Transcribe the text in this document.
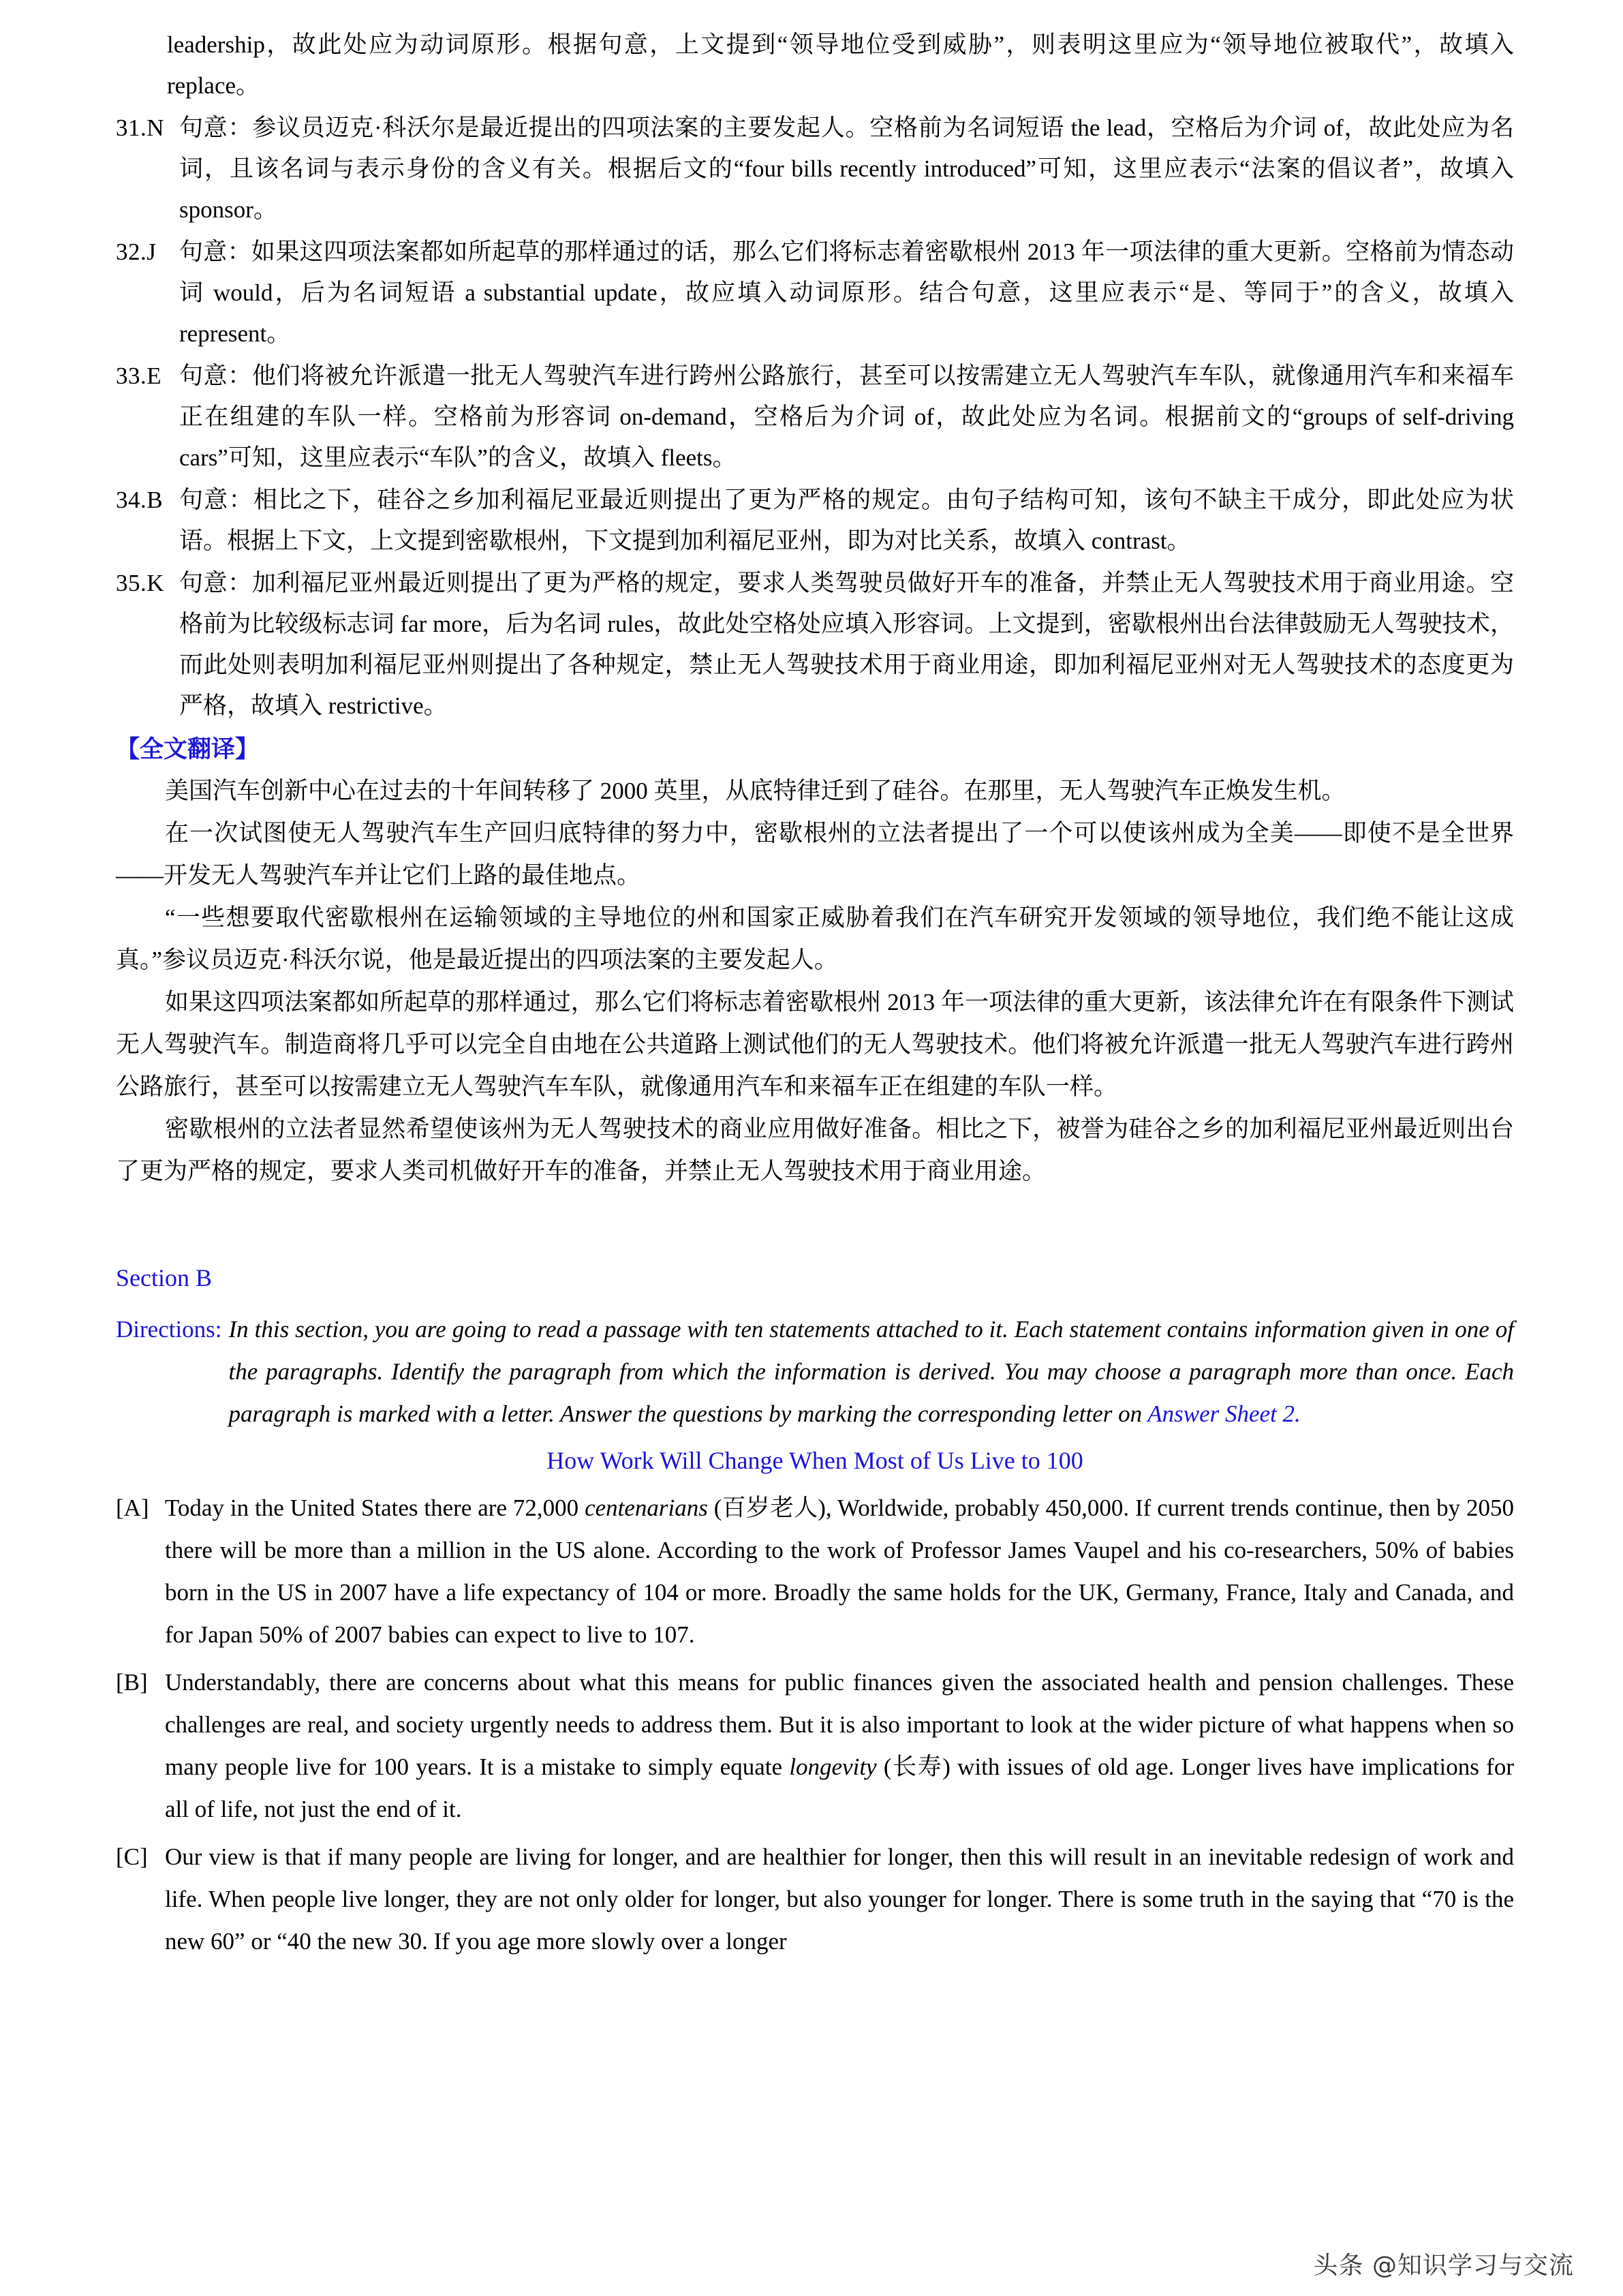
leadership，故此处应为动词原形。根据句意，上文提到“领导地位受到威胁”，则表明这里应为“领导地位被取代”，故填入 replace。
31.N 句意：参议员迈克·科沃尔是最近提出的四项法案的主要发起人。空格前为名词短语 the lead，空格后为介词 of，故此处应为名词，且该名词与表示身份的含义有关。根据后文的“four bills recently introduced”可知，这里应表示“法案的倡议者”，故填入 sponsor。
32.J 句意：如果这四项法案都如所起草的那样通过的话，那么它们将标志着密歇根州 2013 年一项法律的重大更新。空格前为情态动词 would，后为名词短语 a substantial update，故应填入动词原形。结合句意，这里应表示“是、等同于”的含义，故填入 represent。
33.E 句意：他们将被允许派遣一批无人驾驶汽车进行跨州公路旅行，甚至可以按需建立无人驾驶汽车车队，就像通用汽车和来福车正在组建的车队一样。空格前为形容词 on-demand，空格后为介词 of，故此处应为名词。根据前文的“groups of self-driving cars”可知，这里应表示“车队”的含义，故填入 fleets。
34.B 句意：相比之下，硅谷之乡加利福尼亚最近则提出了更为严格的规定。由句子结构可知，该句不缺主干成分，即此处应为状语。根据上下文，上文提到密歇根州，下文提到加利福尼亚州，即为对比关系，故填入 contrast。
35.K 句意：加利福尼亚州最近则提出了更为严格的规定，要求人类驾驶员做好开车的准备，并禁止无人驾驶技术用于商业用途。空格前为比较级标志词 far more，后为名词 rules，故此处空格处应填入形容词。上文提到，密歇根州出台法律鼓励无人驾驶技术，而此处则表明加利福尼亚州则提出了各种规定，禁止无人驾驶技术用于商业用途，即加利福尼亚州对无人驾驶技术的态度更为严格，故填入 restrictive。
【全文翻译】

美国汽车创新中心在过去的十年间转移了 2000 英里，从底特律迁到了硅谷。在那里，无人驾驶汽车正焕发生机。

在一次试图使无人驾驶汽车生产回归底特律的努力中，密歇根州的立法者提出了一个可以使该州成为全美——即使不是全世界——开发无人驾驶汽车并让它们上路的最佳地点。

“一些想要取代密歇根州在运输领域的主导地位的州和国家正威胁着我们在汽车研究开发领域的领导地位，我们绝不能让这成真。”参议员迈克·科沃尔说，他是最近提出的四项法案的主要发起人。

如果这四项法案都如所起草的那样通过，那么它们将标志着密歇根州 2013 年一项法律的重大更新，该法律允许在有限条件下测试无人驾驶汽车。制造商将几乎可以完全自由地在公共道路上测试他们的无人驾驶技术。他们将被允许派遣一批无人驾驶汽车进行跨州公路旅行，甚至可以按需建立无人驾驶汽车车队，就像通用汽车和来福车正在组建的车队一样。

密歇根州的立法者显然希望使该州为无人驾驶技术的商业应用做好准备。相比之下，被誉为硅谷之乡的加利福尼亚州最近则出台了更为严格的规定，要求人类司机做好开车的准备，并禁止无人驾驶技术用于商业用途。

Section B
Directions: In this section, you are going to read a passage with ten statements attached to it. Each statement contains information given in one of the paragraphs. Identify the paragraph from which the information is derived. You may choose a paragraph more than once. Each paragraph is marked with a letter. Answer the questions by marking the corresponding letter on Answer Sheet 2.
How Work Will Change When Most of Us Live to 100
[A] Today in the United States there are 72,000 centenarians (百岁老人), Worldwide, probably 450,000. If current trends continue, then by 2050 there will be more than a million in the US alone. According to the work of Professor James Vaupel and his co-researchers, 50% of babies born in the US in 2007 have a life expectancy of 104 or more. Broadly the same holds for the UK, Germany, France, Italy and Canada, and for Japan 50% of 2007 babies can expect to live to 107.
[B] Understandably, there are concerns about what this means for public finances given the associated health and pension challenges. These challenges are real, and society urgently needs to address them. But it is also important to look at the wider picture of what happens when so many people live for 100 years. It is a mistake to simply equate longevity (长寿) with issues of old age. Longer lives have implications for all of life, not just the end of it.
[C] Our view is that if many people are living for longer, and are healthier for longer, then this will result in an inevitable redesign of work and life. When people live longer, they are not only older for longer, but also younger for longer. There is some truth in the saying that “70 is the new 60” or “40 the new 30. If you age more slowly over a longer
头条 @知识学习与交流
